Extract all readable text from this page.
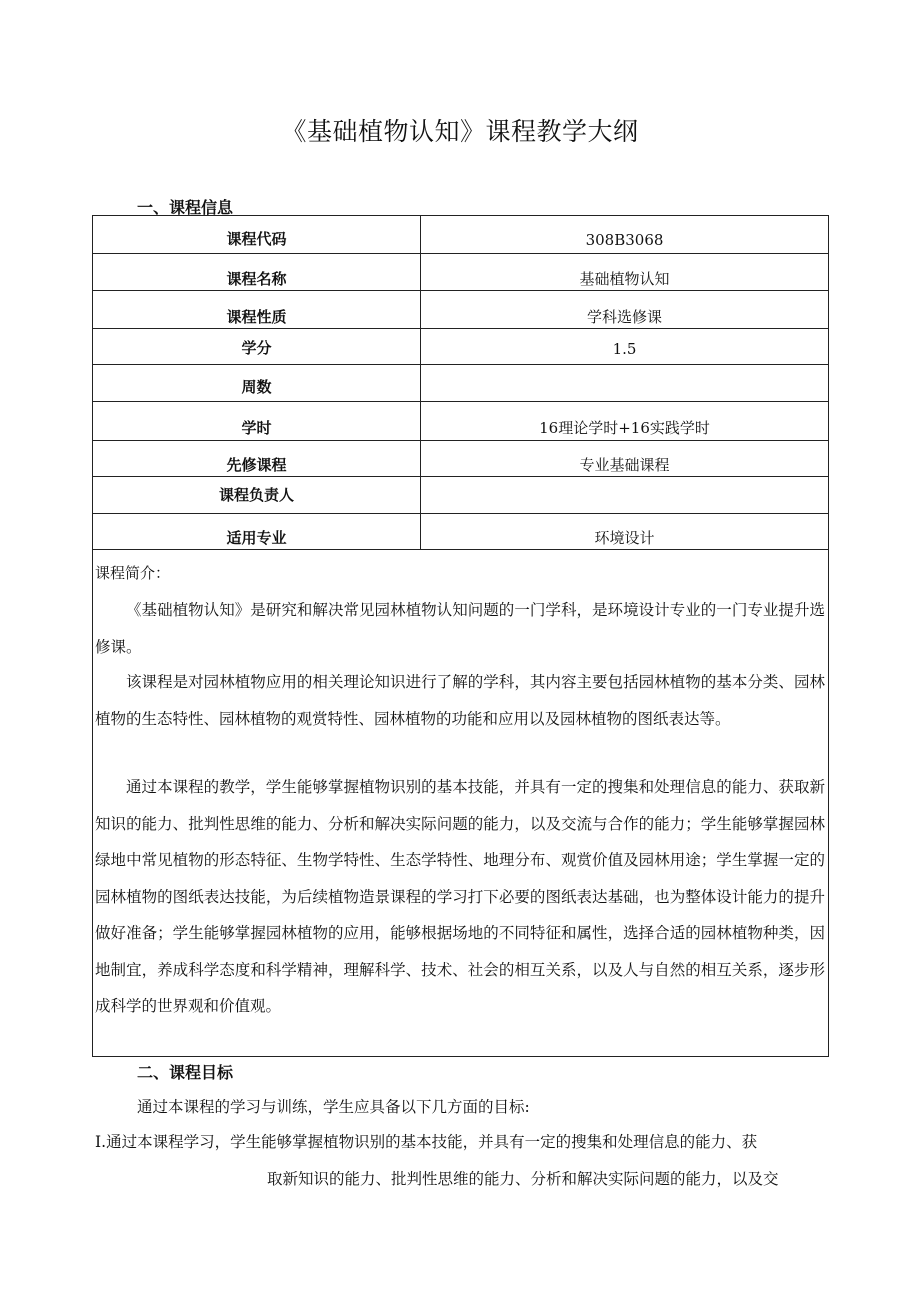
《基础植物认知》课程教学大纲
一、课程信息
课程代码	308B3068

课程名称	基础植物认知

课程性质	学科选修课

学分	1.5

周数	

学时	16理论学时+16实践学时

先修课程	专业基础课程

课程负责人	

适用专业	环境设计
课程简介：
《基础植物认知》是研究和解决常见园林植物认知问题的一门学科，是环境设计专业的一门专业提升选修课。
该课程是对园林植物应用的相关理论知识进行了解的学科，其内容主要包括园林植物的基本分类、园林植物的生态特性、园林植物的观赏特性、园林植物的功能和应用以及园林植物的图纸表达等。
通过本课程的教学，学生能够掌握植物识别的基本技能，并具有一定的搜集和处理信息的能力、获取新知识的能力、批判性思维的能力、分析和解决实际问题的能力，以及交流与合作的能力；学生能够掌握园林绿地中常见植物的形态特征、生物学特性、生态学特性、地理分布、观赏价值及园林用途；学生掌握一定的园林植物的图纸表达技能，为后续植物造景课程的学习打下必要的图纸表达基础，也为整体设计能力的提升做好准备；学生能够掌握园林植物的应用，能够根据场地的不同特征和属性，选择合适的园林植物种类，因地制宜，养成科学态度和科学精神，理解科学、技术、社会的相互关系，以及人与自然的相互关系，逐步形成科学的世界观和价值观。
二、课程目标
通过本课程的学习与训练，学生应具备以下几方面的目标:
I.通过本课程学习，学生能够掌握植物识别的基本技能，并具有一定的搜集和处理信息的能力、获
取新知识的能力、批判性思维的能力、分析和解决实际问题的能力，以及交
